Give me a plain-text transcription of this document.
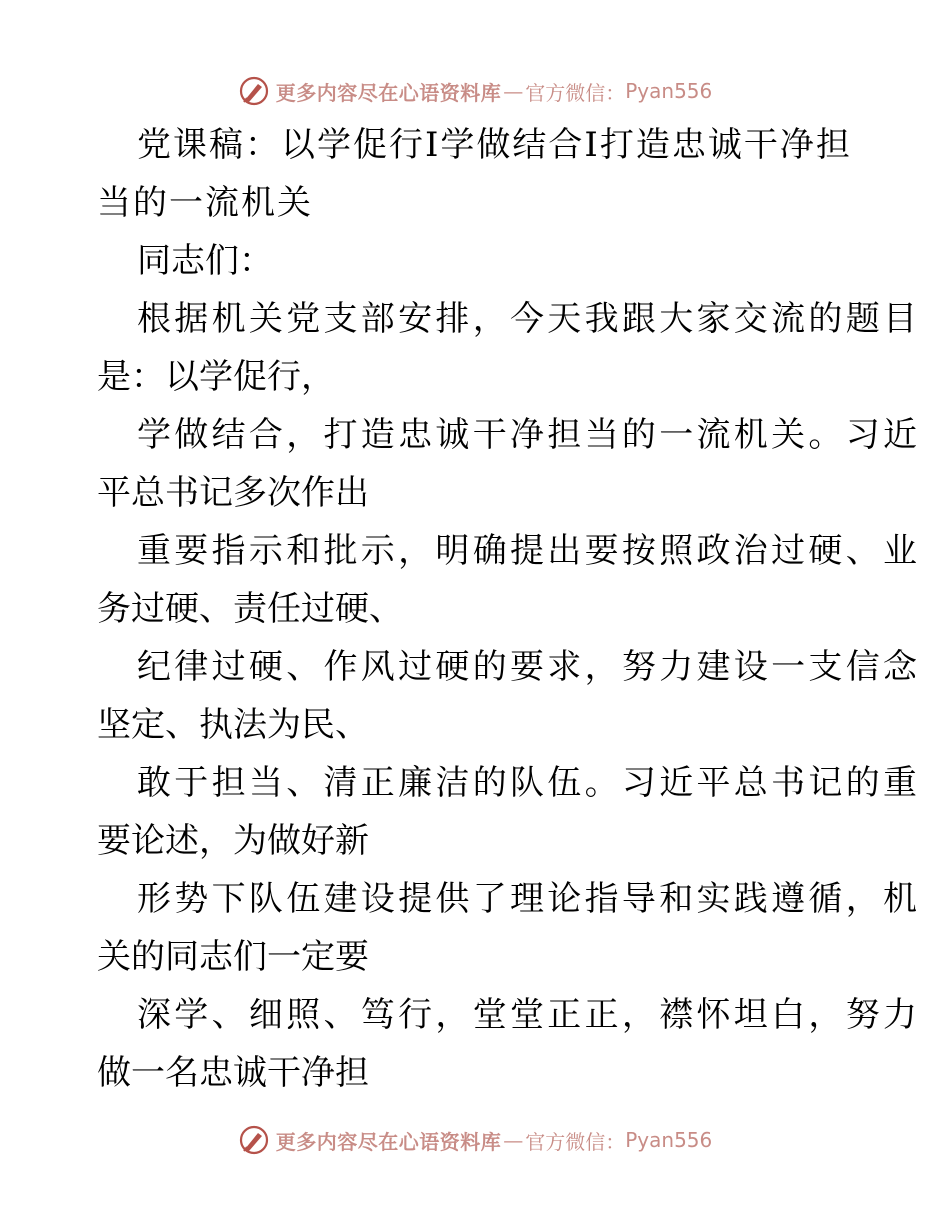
更多内容尽在心语资料库 — 官方微信： Pyan556
党课稿：以学促行Ⅰ学做结合Ⅰ打造忠诚干净担
当的一流机关
同志们：
根据机关党支部安排，今天我跟大家交流的题目
是：以学促行，
学做结合，打造忠诚干净担当的一流机关。习近
平总书记多次作出
重要指示和批示，明确提出要按照政治过硬、业
务过硬、责任过硬、
纪律过硬、作风过硬的要求，努力建设一支信念
坚定、执法为民、
敢于担当、清正廉洁的队伍。习近平总书记的重
要论述，为做好新
形势下队伍建设提供了理论指导和实践遵循，机
关的同志们一定要
深学、细照、笃行，堂堂正正，襟怀坦白，努力
做一名忠诚干净担
更多内容尽在心语资料库 — 官方微信： Pyan556
